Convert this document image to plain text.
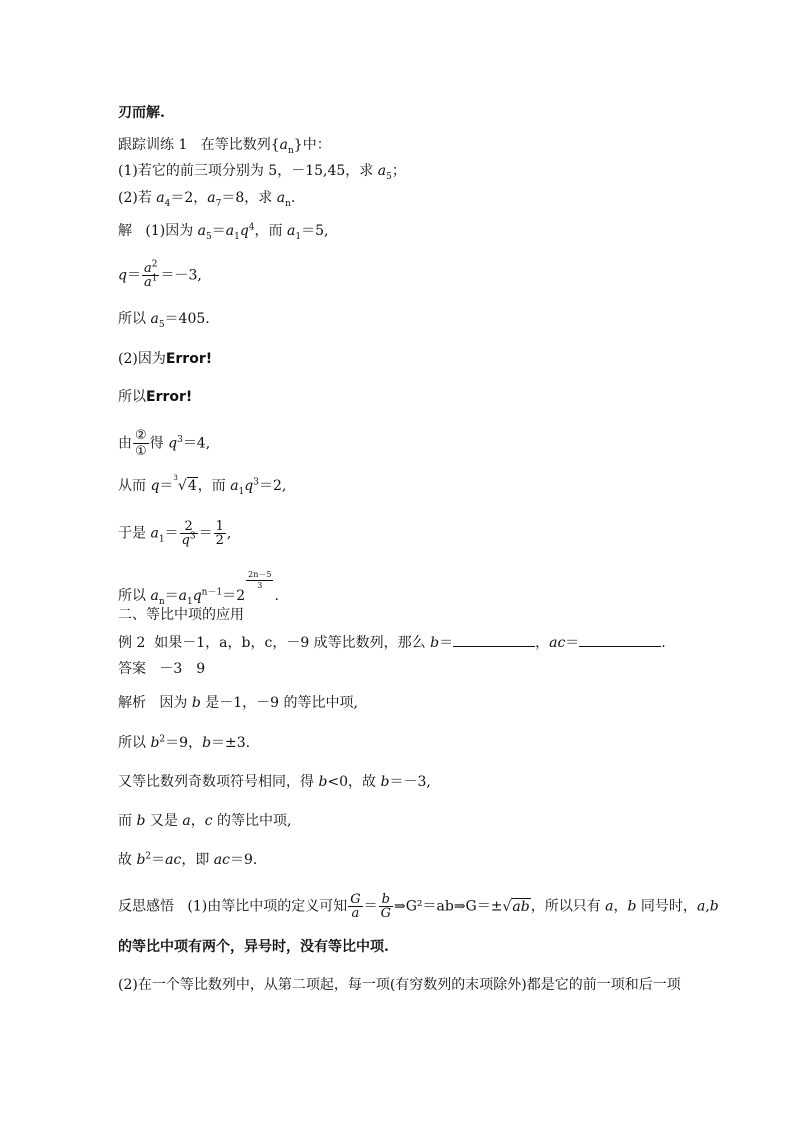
刃而解.
跟踪训练 1 在等比数列$\{a_n\}$中：
(1)若它的前三项分别为 5，－15,45，求 $a_5$；
(2)若 $a_4=2$，$a_7=8$，求 $a_n$.
解 (1)因为 $a_5=a_1q^4$，而 $a_1=5$,
$q= \frac{a^2}{a^1} =-3$,
所以 $a_5=405$.
(2)因为Error!
所以Error!
由 $\frac{\text{②}}{\text{①}}$ 得 $q^3=4$,
从而 q＝$^3$√4，而 $a_1q^3=2$,
于是 $a_1= \frac{2}{q^3} = \frac{1}{2}$ ,
所以 $a_n=a_1q^{n-1}=2$
$\frac{2n-5}{3}$
.
二、等比中项的应用
例 2 如果－1，a，b，c，－9 成等比数列，那么 b＝	，ac＝	.
答案 －3　9
解析 因为 b 是－1，－9 的等比中项,
所以 $b^2=9$，b＝±3.
又等比数列奇数项符号相同，得 b<0，故 b＝－3,
而 b 又是 a，c 的等比中项,
故 $b^2=ac$，即 ac＝9.
反思感悟 (1)由等比中项的定义可知 $\frac{G}{a} = \frac{b}{G}$ ⇒G²＝ab⇒G＝±√ab，所以只有 a，b 同号时，a,b
的等比中项有两个，异号时，没有等比中项.
(2)在一个等比数列中，从第二项起，每一项(有穷数列的末项除外)都是它的前一项和后一项
